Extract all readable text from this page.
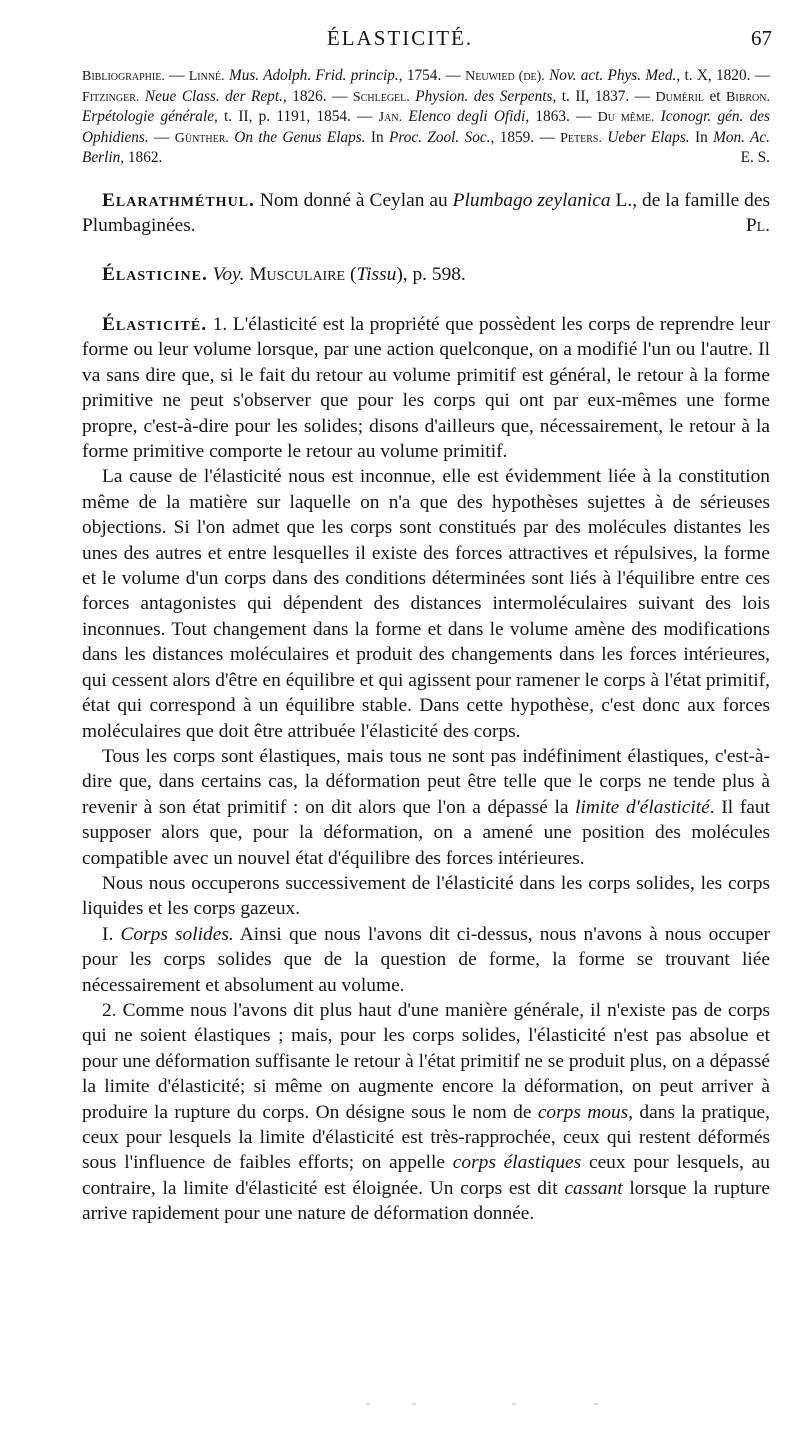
ÉLASTICITÉ.	67
Bibliographie. — Linné. Mus. Adolph. Frid. princip., 1754. — Neuwied (de). Nov. act. Phys. Med., t. X, 1820. — Fitzinger. Neue Class. der Rept., 1826. — Schlegel. Physion. des Serpents, t. II, 1837. — Duméril et Bibron. Erpétologie générale, t. II, p. 1191, 1854. — Jan. Elenco degli Ofidi, 1863. — Du même. Iconogr. gén. des Ophidiens. — Günther. On the Genus Elaps. In Proc. Zool. Soc., 1859. — Peters. Ueber Elaps. In Mon. Ac. Berlin, 1862.	E. S.

Elarathméthul. Nom donné à Ceylan au Plumbago zeylanica L., de la famille des Plumbaginées.	Pl.

Élasticine. Voy. Musculaire (Tissu), p. 598.

Élasticité. 1. L'élasticité est la propriété que possèdent les corps de reprendre leur forme ou leur volume lorsque, par une action quelconque, on a modifié l'un ou l'autre. Il va sans dire que, si le fait du retour au volume primitif est général, le retour à la forme primitive ne peut s'observer que pour les corps qui ont par eux-mêmes une forme propre, c'est-à-dire pour les solides; disons d'ailleurs que, nécessairement, le retour à la forme primitive comporte le retour au volume primitif.

La cause de l'élasticité nous est inconnue, elle est évidemment liée à la constitution même de la matière sur laquelle on n'a que des hypothèses sujettes à de sérieuses objections. Si l'on admet que les corps sont constitués par des molécules distantes les unes des autres et entre lesquelles il existe des forces attractives et répulsives, la forme et le volume d'un corps dans des conditions déterminées sont liés à l'équilibre entre ces forces antagonistes qui dépendent des distances intermoléculaires suivant des lois inconnues. Tout changement dans la forme et dans le volume amène des modifications dans les distances moléculaires et produit des changements dans les forces intérieures, qui cessent alors d'être en équilibre et qui agissent pour ramener le corps à l'état primitif, état qui correspond à un équilibre stable. Dans cette hypothèse, c'est donc aux forces moléculaires que doit être attribuée l'élasticité des corps.

Tous les corps sont élastiques, mais tous ne sont pas indéfiniment élastiques, c'est-à-dire que, dans certains cas, la déformation peut être telle que le corps ne tende plus à revenir à son état primitif : on dit alors que l'on a dépassé la limite d'élasticité. Il faut supposer alors que, pour la déformation, on a amené une position des molécules compatible avec un nouvel état d'équilibre des forces intérieures.

Nous nous occuperons successivement de l'élasticité dans les corps solides, les corps liquides et les corps gazeux.

I. Corps solides. Ainsi que nous l'avons dit ci-dessus, nous n'avons à nous occuper pour les corps solides que de la question de forme, la forme se trouvant liée nécessairement et absolument au volume.

2. Comme nous l'avons dit plus haut d'une manière générale, il n'existe pas de corps qui ne soient élastiques ; mais, pour les corps solides, l'élasticité n'est pas absolue et pour une déformation suffisante le retour à l'état primitif ne se produit plus, on a dépassé la limite d'élasticité; si même on augmente encore la déformation, on peut arriver à produire la rupture du corps. On désigne sous le nom de corps mous, dans la pratique, ceux pour lesquels la limite d'élasticité est très-rapprochée, ceux qui restent déformés sous l'influence de faibles efforts; on appelle corps élastiques ceux pour lesquels, au contraire, la limite d'élasticité est éloignée. Un corps est dit cassant lorsque la rupture arrive rapidement pour une nature de déformation donnée.

-    -          -        -
